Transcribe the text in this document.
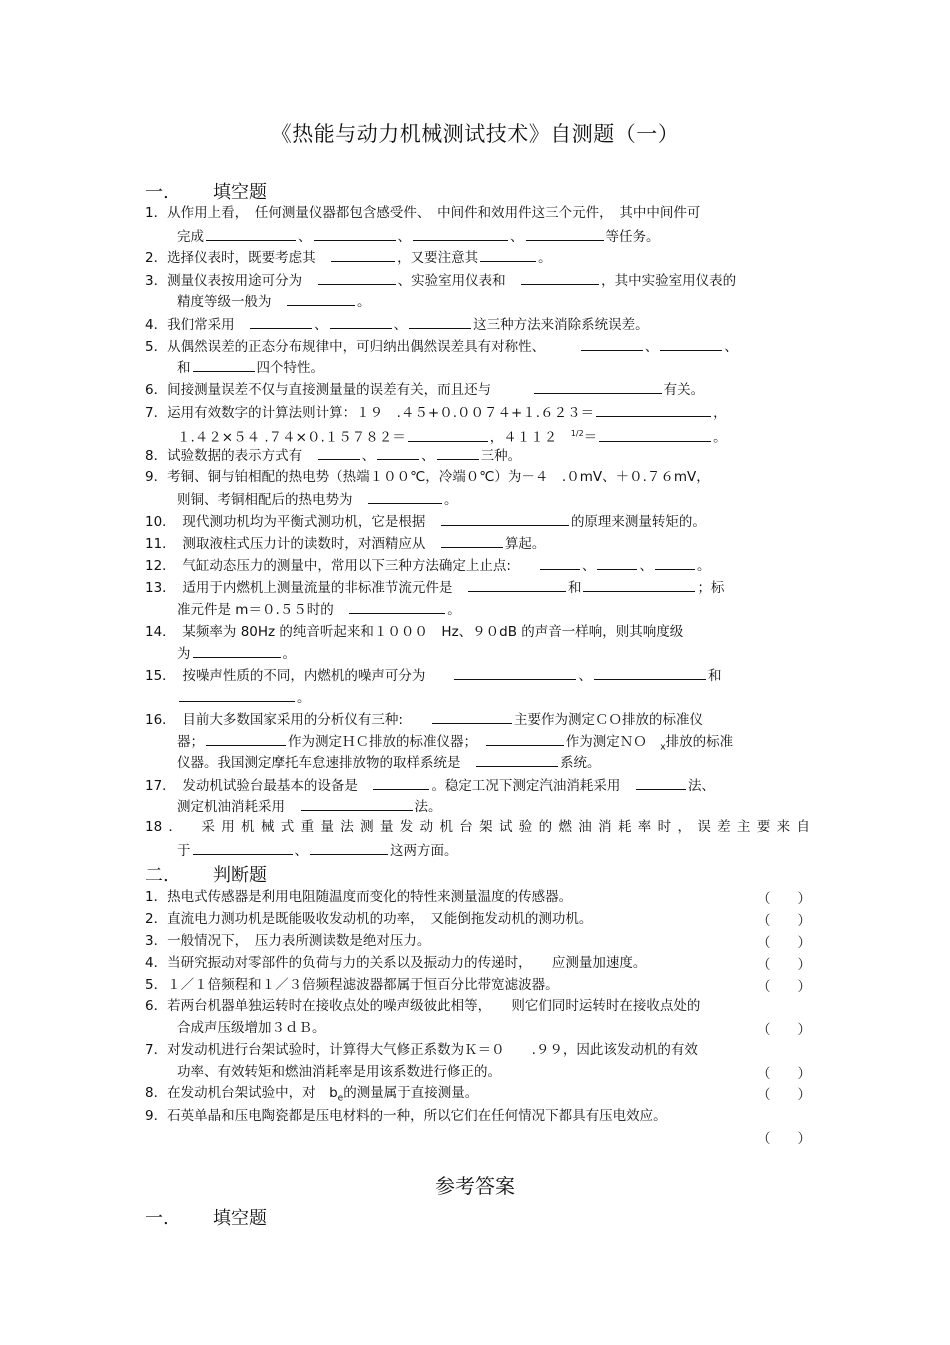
《热能与动力机械测试技术》自测题（一）
一. 填空题
1．从作用上看，　任何测量仪器都包含感受件、　中间件和效用件这三个元件，　其中中间件可
完成	、	、	、	等任务。
2．选择仪表时，既要考虑其　	，又要注意其	。
3．测量仪表按用途可分为　	、实验室用仪表和　	，其中实验室用仪表的
精度等级一般为　	。
4．我们常采用　	、	、	这三种方法来消除系统误差。
5．从偶然误差的正态分布规律中，可归纳出偶然误差具有对称性、　　　	、	、
和	四个特性。
6．间接测量误差不仅与直接测量量的误差有关，而且还与　　　	有关。
7．运用有效数字的计算法则计算：１９　.４５+０.００７４+１.６２３＝	，
１.４２×５４ .７４×０.１５７８２＝	，４１１２　 $^{1/2}$＝	。
8．试验数据的表示方式有　	、	、	三种。
9．考铜、铜与铂相配的热电势（热端１００℃，冷端０℃）为－４　.０mV、＋０.７６mV，
则铜、考铜相配后的热电势为　	。
10．　现代测功机均为平衡式测功机，它是根据　	的原理来测量转矩的。
11．　测取液柱式压力计的读数时，对酒精应从　	算起。
12．　气缸动态压力的测量中，常用以下三种方法确定上止点:　　	、	、	。
13．　适用于内燃机上测量流量的非标准节流元件是　	和	；标
准元件是 m＝０.５５时的　	。
14．　某频率为 80Hz 的纯音听起来和１０００　Hz、９０dB 的声音一样响，则其响度级
为	。
15．　按噪声性质的不同，内燃机的噪声可分为　　	、	和
。
16．　目前大多数国家采用的分析仪有三种:　　	主要作为测定ＣＯ排放的标准仪
器；	作为测定ＨＣ排放的标准仪器；　	作为测定ＮＯ　 $_x$排放的标准
仪器。我国测定摩托车怠速排放物的取样系统是　	系统。
17．　发动机试验台最基本的设备是　	。稳定工况下测定汽油消耗采用　	法、
测定机油消耗采用　	法。
18．　采用机械式重量法测量发动机台架试验的燃油消耗率时，误差主要来自
于	、	这两方面。
二. 判断题
1．热电式传感器是利用电阻随温度而变化的特性来测量温度的传感器。	（　　）
2．直流电力测功机是既能吸收发动机的功率，　又能倒拖发动机的测功机。	（　　）
3．一般情况下，　压力表所测读数是绝对压力。	（　　）
4．当研究振动对零部件的负荷与力的关系以及振动力的传递时，　　应测量加速度。	（　　）
5．１／１倍频程和１／３倍频程滤波器都属于恒百分比带宽滤波器。	（　　）
6．若两台机器单独运转时在接收点处的噪声级彼此相等，　　则它们同时运转时在接收点处的
合成声压级增加３ｄＢ。	（　　）
7．对发动机进行台架试验时，计算得大气修正系数为Ｋ＝０　　.９９，因此该发动机的有效
功率、有效转矩和燃油消耗率是用该系数进行修正的。	（　　）
8．在发动机台架试验中，对　$b_e$的测量属于直接测量。	（　　）
9．石英单晶和压电陶瓷都是压电材料的一种，所以它们在任何情况下都具有压电效应。
（　　）
参考答案
一. 填空题
